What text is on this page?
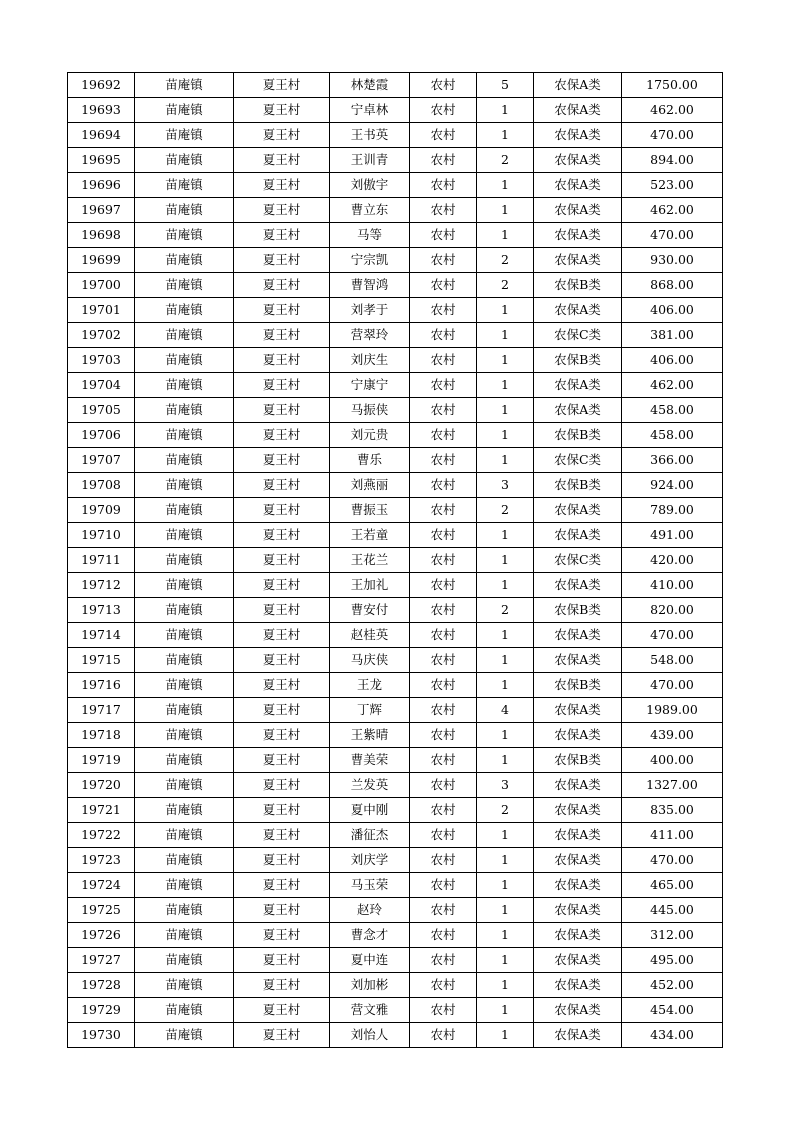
19692	苗庵镇	夏王村	林楚霞	农村	5	农保A类	1750.00
19693	苗庵镇	夏王村	宁卓林	农村	1	农保A类	462.00
19694	苗庵镇	夏王村	王书英	农村	1	农保A类	470.00
19695	苗庵镇	夏王村	王训青	农村	2	农保A类	894.00
19696	苗庵镇	夏王村	刘傲宇	农村	1	农保A类	523.00
19697	苗庵镇	夏王村	曹立东	农村	1	农保A类	462.00
19698	苗庵镇	夏王村	马等	农村	1	农保A类	470.00
19699	苗庵镇	夏王村	宁宗凯	农村	2	农保A类	930.00
19700	苗庵镇	夏王村	曹智鸿	农村	2	农保B类	868.00
19701	苗庵镇	夏王村	刘孝于	农村	1	农保A类	406.00
19702	苗庵镇	夏王村	营翠玲	农村	1	农保C类	381.00
19703	苗庵镇	夏王村	刘庆生	农村	1	农保B类	406.00
19704	苗庵镇	夏王村	宁康宁	农村	1	农保A类	462.00
19705	苗庵镇	夏王村	马振侠	农村	1	农保A类	458.00
19706	苗庵镇	夏王村	刘元贵	农村	1	农保B类	458.00
19707	苗庵镇	夏王村	曹乐	农村	1	农保C类	366.00
19708	苗庵镇	夏王村	刘燕丽	农村	3	农保B类	924.00
19709	苗庵镇	夏王村	曹振玉	农村	2	农保A类	789.00
19710	苗庵镇	夏王村	王若童	农村	1	农保A类	491.00
19711	苗庵镇	夏王村	王花兰	农村	1	农保C类	420.00
19712	苗庵镇	夏王村	王加礼	农村	1	农保A类	410.00
19713	苗庵镇	夏王村	曹安付	农村	2	农保B类	820.00
19714	苗庵镇	夏王村	赵桂英	农村	1	农保A类	470.00
19715	苗庵镇	夏王村	马庆侠	农村	1	农保A类	548.00
19716	苗庵镇	夏王村	王龙	农村	1	农保B类	470.00
19717	苗庵镇	夏王村	丁辉	农村	4	农保A类	1989.00
19718	苗庵镇	夏王村	王紫晴	农村	1	农保A类	439.00
19719	苗庵镇	夏王村	曹美荣	农村	1	农保B类	400.00
19720	苗庵镇	夏王村	兰发英	农村	3	农保A类	1327.00
19721	苗庵镇	夏王村	夏中刚	农村	2	农保A类	835.00
19722	苗庵镇	夏王村	潘征杰	农村	1	农保A类	411.00
19723	苗庵镇	夏王村	刘庆学	农村	1	农保A类	470.00
19724	苗庵镇	夏王村	马玉荣	农村	1	农保A类	465.00
19725	苗庵镇	夏王村	赵玲	农村	1	农保A类	445.00
19726	苗庵镇	夏王村	曹念才	农村	1	农保A类	312.00
19727	苗庵镇	夏王村	夏中连	农村	1	农保A类	495.00
19728	苗庵镇	夏王村	刘加彬	农村	1	农保A类	452.00
19729	苗庵镇	夏王村	营文雅	农村	1	农保A类	454.00
19730	苗庵镇	夏王村	刘怡人	农村	1	农保A类	434.00
